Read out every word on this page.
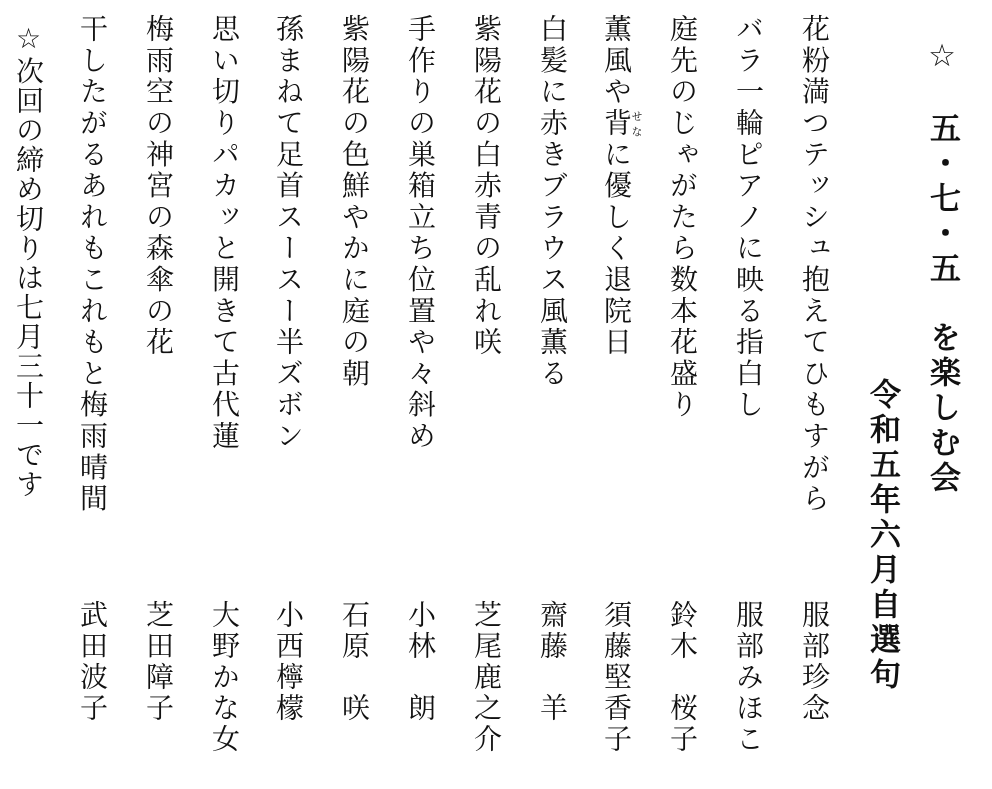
☆五・七・五を楽しむ会
令和五年六月自選句
花粉満つテッシュ抱えてひもすがら
服部珍念
バラ一輪ピアノに映る指白し
服部みほこ
庭先のじゃがたら数本花盛り
鈴木　桜子
薫風や背せなに優しく退院日
須藤堅香子
白髪に赤きブラウス風薫る
齋藤　羊
紫陽花の白赤青の乱れ咲
芝尾鹿之介
手作りの巣箱立ち位置や々斜め
小林　朗
紫陽花の色鮮やかに庭の朝
石原　咲
孫まねて足首スースー半ズボン
小西檸檬
思い切りパカッと開きて古代蓮
大野かな女
梅雨空の神宮の森傘の花
芝田障子
干したがるあれもこれもと梅雨晴間
武田波子
☆次回の締め切りは七月三十一です
